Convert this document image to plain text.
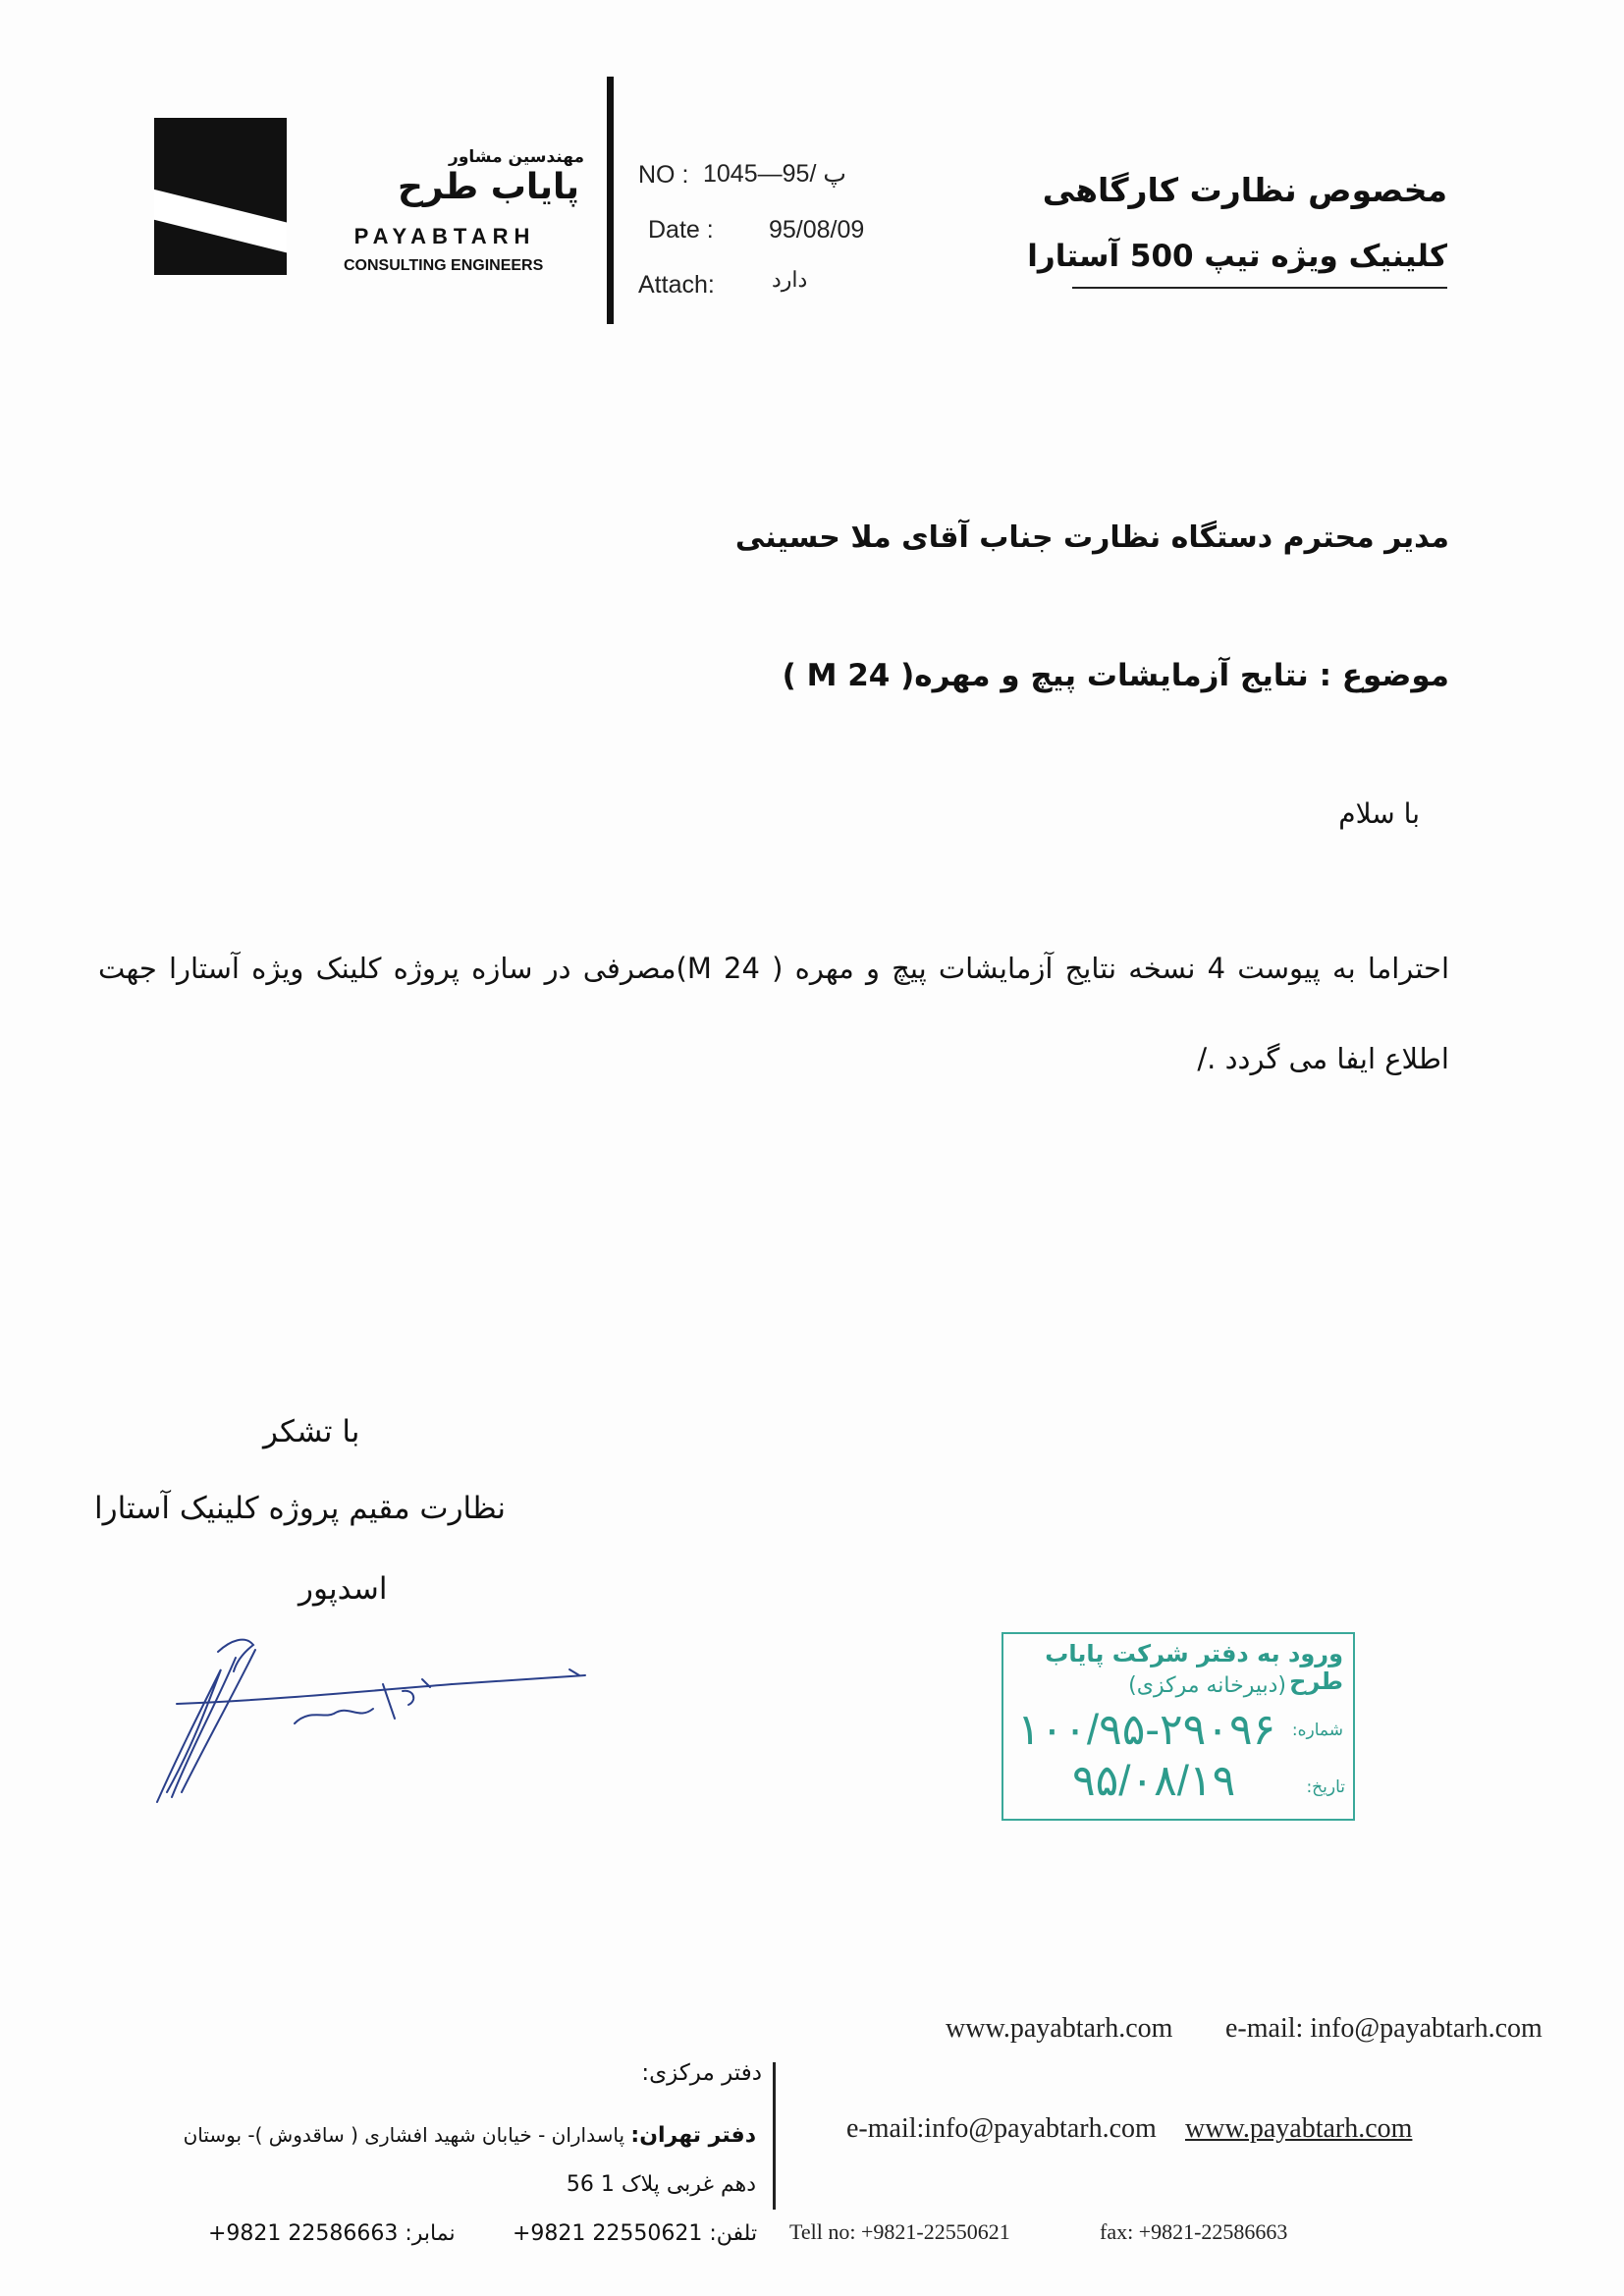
مهندسین مشاور
پایاب طرح
PAYABTARH
CONSULTING ENGINEERS
NO : پ /95—1045
Date : 95/08/09
Attach:	دارد
مخصوص نظارت کارگاهی
کلینیک ویژه تیپ 500 آستارا
مدیر محترم دستگاه نظارت جناب آقای ملا حسینی
موضوع : نتایج آزمایشات پیچ و مهره( M 24 )
با سلام
احتراما به پیوست 4 نسخه نتایج آزمایشات پیچ و مهره ( M 24)مصرفی در سازه پروژه کلینک ویژه آستارا جهت اطلاع ایفا می گردد ./
با تشکر
نظارت مقیم پروژه کلینیک آستارا
اسدپور
ورود به دفتر شرکت پایاب طرح
(دبیرخانه مرکزی)
شماره:
۱۰۰/۹۵-۲۹۰۹۶
تاریخ:
۹۵/۰۸/۱۹
www.payabtarh.com e-mail: info@payabtarh.com
دفتر مرکزی:
دفتر تهران: پاسداران - خیابان شهید افشاری ( ساقدوش )- بوستان
دهم غربی پلاک 1 56
e-mail:info@payabtarh.com www.payabtarh.com
+9821 22586663 :نمابر	+9821 22550621 :تلفن Tell no: +9821-22550621	fax: +9821-22586663
